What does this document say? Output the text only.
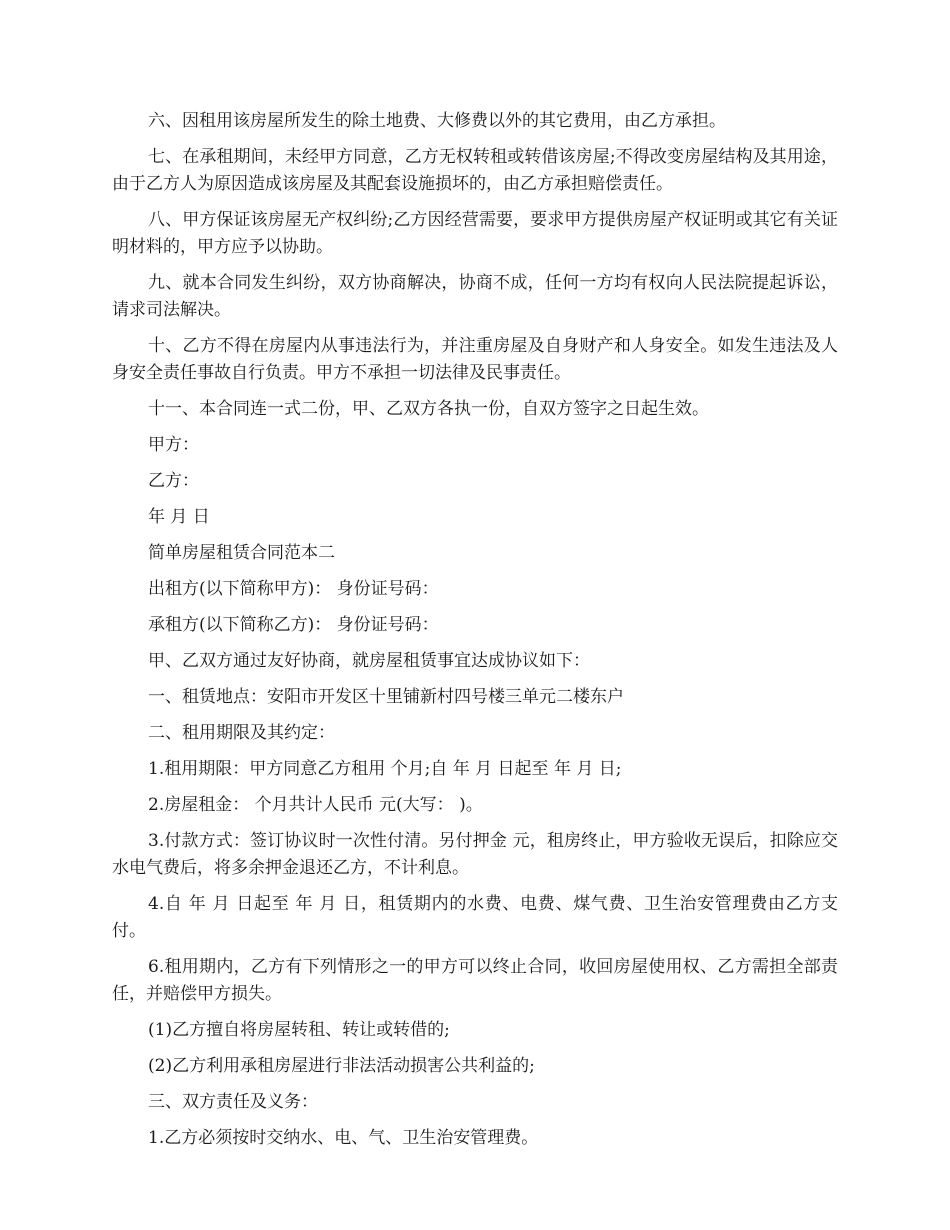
六、因租用该房屋所发生的除土地费、大修费以外的其它费用，由乙方承担。

七、在承租期间，未经甲方同意，乙方无权转租或转借该房屋;不得改变房屋结构及其用途，由于乙方人为原因造成该房屋及其配套设施损坏的，由乙方承担赔偿责任。

八、甲方保证该房屋无产权纠纷;乙方因经营需要，要求甲方提供房屋产权证明或其它有关证明材料的，甲方应予以协助。

九、就本合同发生纠纷，双方协商解决，协商不成，任何一方均有权向人民法院提起诉讼，请求司法解决。

十、乙方不得在房屋内从事违法行为，并注重房屋及自身财产和人身安全。如发生违法及人身安全责任事故自行负责。甲方不承担一切法律及民事责任。

十一、本合同连一式二份，甲、乙双方各执一份，自双方签字之日起生效。

甲方：

乙方：

年 月 日

简单房屋租赁合同范本二

出租方(以下简称甲方)： 身份证号码：

承租方(以下简称乙方)： 身份证号码：

甲、乙双方通过友好协商，就房屋租赁事宜达成协议如下：

一、租赁地点：安阳市开发区十里铺新村四号楼三单元二楼东户

二、租用期限及其约定：

1.租用期限：甲方同意乙方租用 个月;自 年 月 日起至 年 月 日;

2.房屋租金： 个月共计人民币 元(大写： )。

3.付款方式：签订协议时一次性付清。另付押金 元，租房终止，甲方验收无误后，扣除应交水电气费后，将多余押金退还乙方，不计利息。

4.自 年 月 日起至 年 月 日，租赁期内的水费、电费、煤气费、卫生治安管理费由乙方支付。

6.租用期内，乙方有下列情形之一的甲方可以终止合同，收回房屋使用权、乙方需担全部责任，并赔偿甲方损失。

(1)乙方擅自将房屋转租、转让或转借的;

(2)乙方利用承租房屋进行非法活动损害公共利益的;

三、双方责任及义务：

1.乙方必须按时交纳水、电、气、卫生治安管理费。
